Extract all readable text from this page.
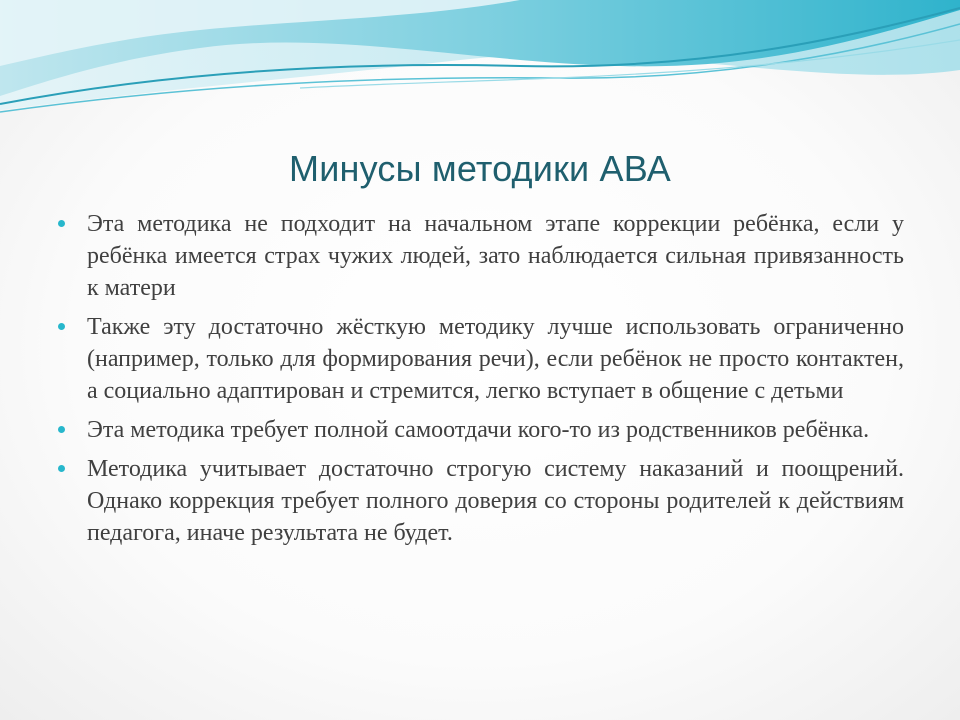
Минусы методики АВА
Эта методика не подходит на начальном этапе коррекции ребёнка, если у ребёнка имеется страх чужих людей, зато наблюдается сильная привязанность к матери
Также эту достаточно жёсткую методику лучше использовать ограниченно (например, только для формирования речи), если ребёнок не просто контактен, а социально адаптирован и стремится, легко вступает в общение с детьми
Эта методика требует полной самоотдачи кого-то из родственников ребёнка.
Методика учитывает достаточно строгую систему наказаний и поощрений. Однако коррекция требует полного доверия со стороны родителей к действиям педагога, иначе результата не будет.
